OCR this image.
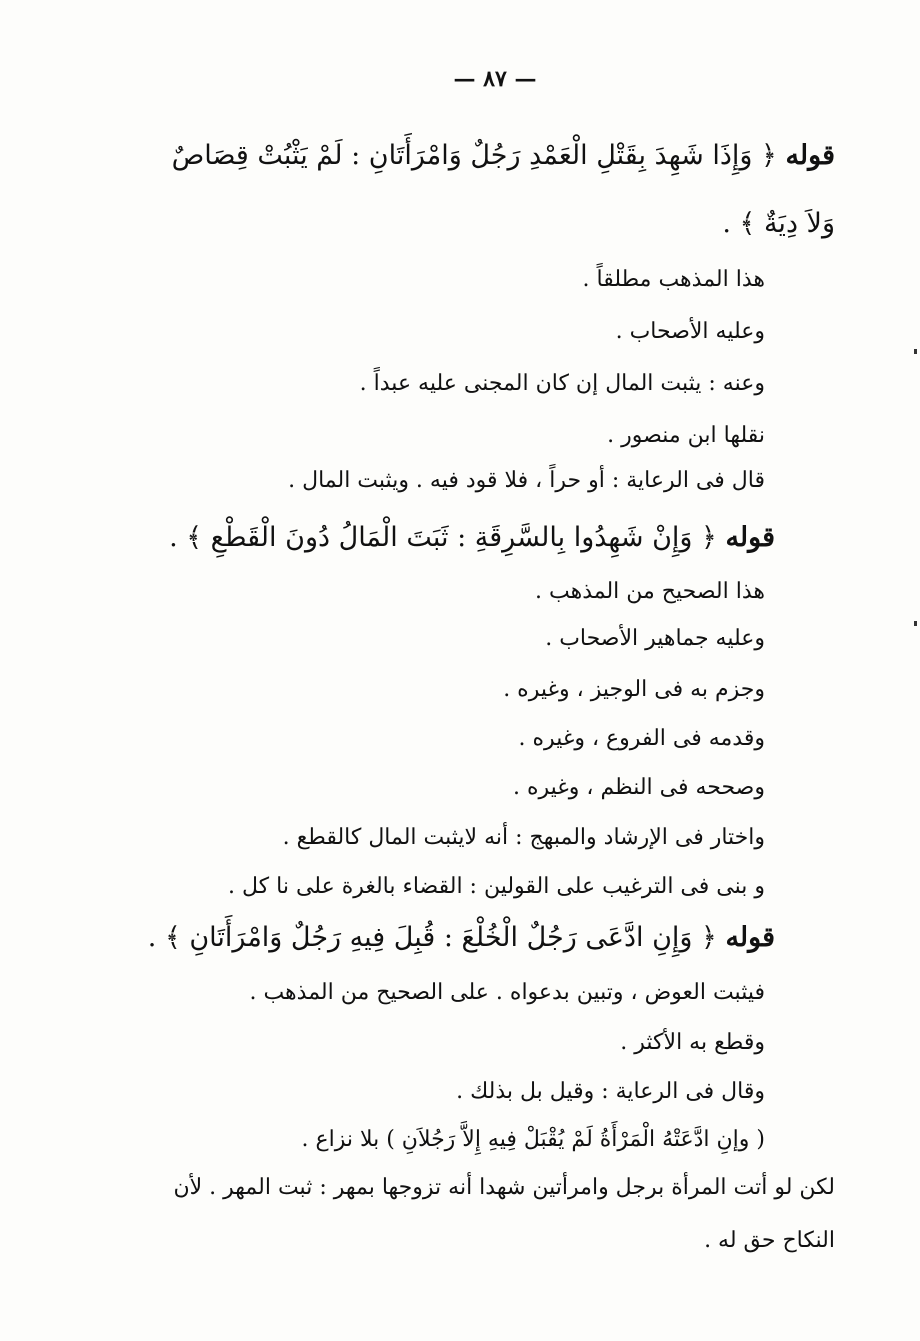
— ٨٧ —
قوله ﴿ وَإِذَا شَهِدَ بِقَتْلِ الْعَمْدِ رَجُلٌ وَامْرَأَتَانِ : لَمْ يَثْبُتْ قِصَاصٌ
وَلاَ دِيَةٌ ﴾ .
هذا المذهب مطلقاً .
وعليه الأصحاب .
وعنه : يثبت المال إن كان المجنى عليه عبداً .
نقلها ابن منصور .
قال فى الرعاية : أو حراً ، فلا قود فيه . ويثبت المال .
قوله ﴿ وَإِنْ شَهِدُوا بِالسَّرِقَةِ : ثَبَتَ الْمَالُ دُونَ الْقَطْعِ ﴾ .
هذا الصحيح من المذهب .
وعليه جماهير الأصحاب .
وجزم به فى الوجيز ، وغيره .
وقدمه فى الفروع ، وغيره .
وصححه فى النظم ، وغيره .
واختار فى الإرشاد والمبهج : أنه لايثبت المال كالقطع .
و بنى فى الترغيب على القولين : القضاء بالغرة على نا كل .
قوله ﴿ وَإِنِ ادَّعَى رَجُلٌ الْخُلْعَ : قُبِلَ فِيهِ رَجُلٌ وَامْرَأَتَانِ ﴾ .
فيثبت العوض ، وتبين بدعواه . على الصحيح من المذهب .
وقطع به الأكثر .
وقال فى الرعاية : وقيل بل بذلك .
( وإنِ ادَّعَتْهُ الْمَرْأَةُ لَمْ يُقْبَلْ فِيهِ إِلاَّ رَجُلاَنِ ) بلا نزاع .
لكن لو أتت المرأة برجل وامرأتين شهدا أنه تزوجها بمهر : ثبت المهر . لأن
النكاح حق له .
